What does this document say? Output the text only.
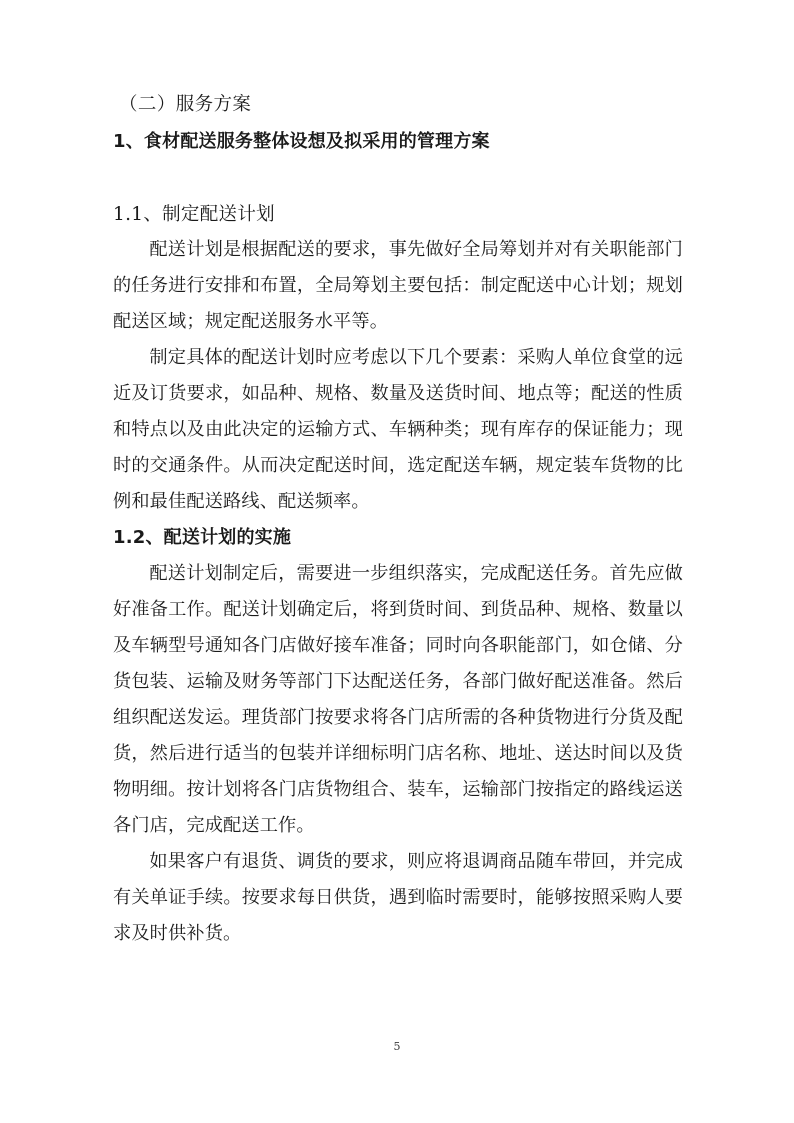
（二）服务方案
1、食材配送服务整体设想及拟采用的管理方案
1.1、制定配送计划

配送计划是根据配送的要求，事先做好全局筹划并对有关职能部门的任务进行安排和布置，全局筹划主要包括：制定配送中心计划；规划配送区域；规定配送服务水平等。

制定具体的配送计划时应考虑以下几个要素：采购人单位食堂的远近及订货要求，如品种、规格、数量及送货时间、地点等；配送的性质和特点以及由此决定的运输方式、车辆种类；现有库存的保证能力；现时的交通条件。从而决定配送时间，选定配送车辆，规定装车货物的比例和最佳配送路线、配送频率。

1.2、配送计划的实施

配送计划制定后，需要进一步组织落实，完成配送任务。首先应做好准备工作。配送计划确定后，将到货时间、到货品种、规格、数量以及车辆型号通知各门店做好接车准备；同时向各职能部门，如仓储、分货包装、运输及财务等部门下达配送任务，各部门做好配送准备。然后组织配送发运。理货部门按要求将各门店所需的各种货物进行分货及配货，然后进行适当的包装并详细标明门店名称、地址、送达时间以及货物明细。按计划将各门店货物组合、装车，运输部门按指定的路线运送各门店，完成配送工作。

如果客户有退货、调货的要求，则应将退调商品随车带回，并完成有关单证手续。按要求每日供货，遇到临时需要时，能够按照采购人要求及时供补货。

5
